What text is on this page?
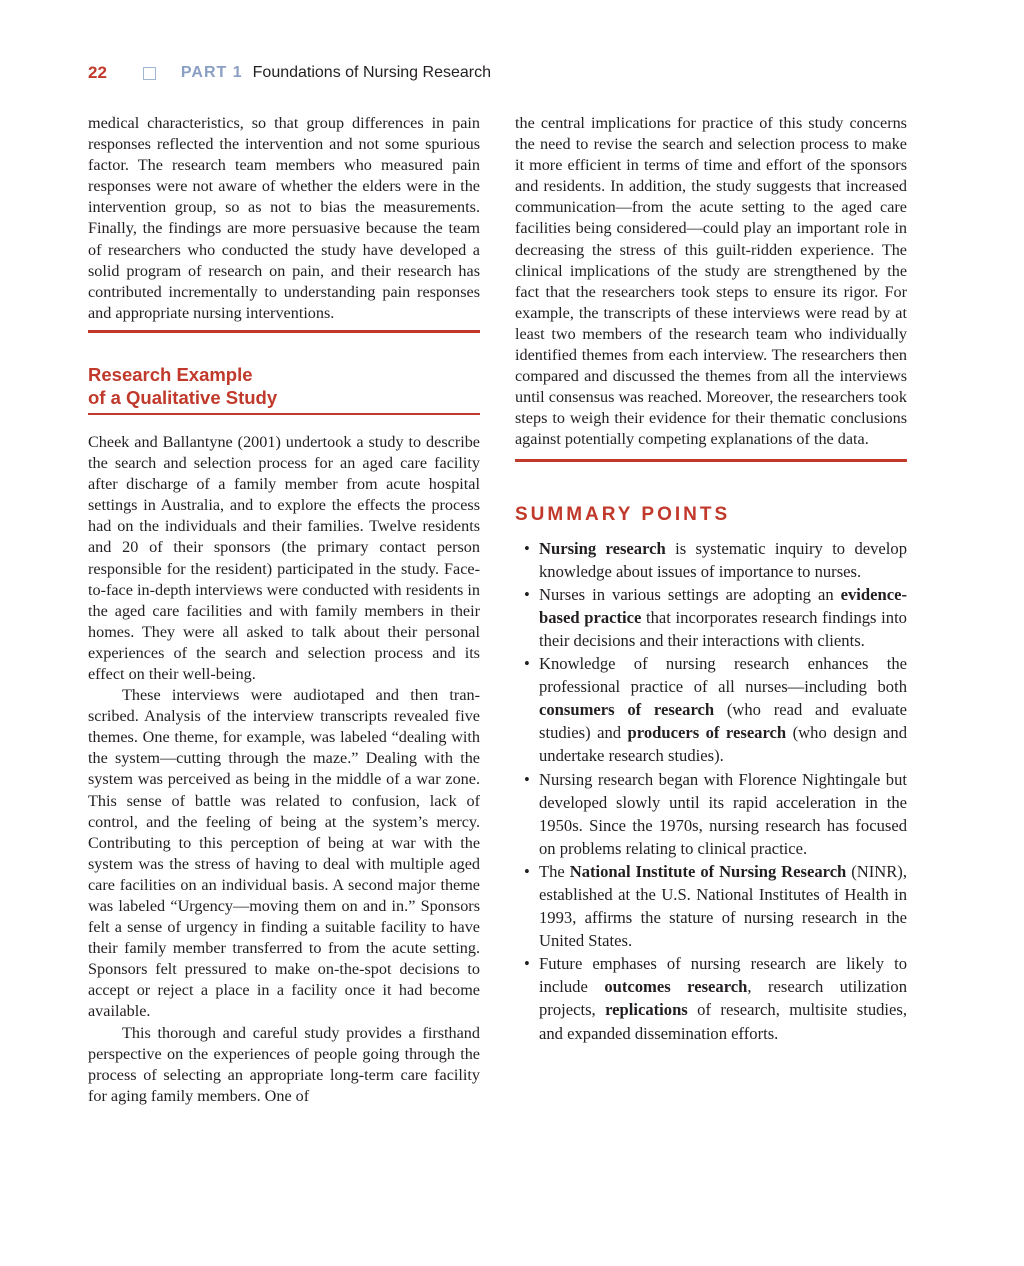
22	PART 1 Foundations of Nursing Research

medical characteristics, so that group differences in pain responses reflected the intervention and not some spurious factor. The research team members who measured pain responses were not aware of whether the elders were in the intervention group, so as not to bias the measurements. Finally, the findings are more persuasive because the team of researchers who conducted the study have developed a solid program of research on pain, and their research has contributed incrementally to understanding pain responses and appropriate nursing interventions.

Research Example
of a Qualitative Study

Cheek and Ballantyne (2001) undertook a study to describe the search and selection process for an aged care facility after discharge of a family member from acute hospital settings in Australia, and to explore the effects the process had on the individuals and their families. Twelve residents and 20 of their sponsors (the primary contact person responsible for the resident) participated in the study. Face-to-face in-depth interviews were conducted with residents in the aged care facilities and with family members in their homes. They were all asked to talk about their personal experiences of the search and selection process and its effect on their well-being.

These interviews were audiotaped and then transcribed. Analysis of the interview transcripts revealed five themes. One theme, for example, was labeled “dealing with the system—cutting through the maze.” Dealing with the system was perceived as being in the middle of a war zone. This sense of battle was related to confusion, lack of control, and the feeling of being at the system’s mercy. Contributing to this perception of being at war with the system was the stress of having to deal with multiple aged care facilities on an individual basis. A second major theme was labeled “Urgency—moving them on and in.” Sponsors felt a sense of urgency in finding a suitable facility to have their family member transferred to from the acute setting. Sponsors felt pressured to make on-the-spot decisions to accept or reject a place in a facility once it had become available.

This thorough and careful study provides a firsthand perspective on the experiences of people going through the process of selecting an appropriate long-term care facility for aging family members. One of

the central implications for practice of this study concerns the need to revise the search and selection process to make it more efficient in terms of time and effort of the sponsors and residents. In addition, the study suggests that increased communication—from the acute setting to the aged care facilities being considered—could play an important role in decreasing the stress of this guilt-ridden experience. The clinical implications of the study are strengthened by the fact that the researchers took steps to ensure its rigor. For example, the transcripts of these interviews were read by at least two members of the research team who individually identified themes from each interview. The researchers then compared and discussed the themes from all the interviews until consensus was reached. Moreover, the researchers took steps to weigh their evidence for their thematic conclusions against potentially competing explanations of the data.

SUMMARY POINTS
• Nursing research is systematic inquiry to develop knowledge about issues of importance to nurses.
• Nurses in various settings are adopting an evidence-based practice that incorporates research findings into their decisions and their interactions with clients.
• Knowledge of nursing research enhances the professional practice of all nurses—including both consumers of research (who read and evaluate studies) and producers of research (who design and undertake research studies).
• Nursing research began with Florence Nightingale but developed slowly until its rapid acceleration in the 1950s. Since the 1970s, nursing research has focused on problems relating to clinical practice.
• The National Institute of Nursing Research (NINR), established at the U.S. National Institutes of Health in 1993, affirms the stature of nursing research in the United States.
• Future emphases of nursing research are likely to include outcomes research, research utilization projects, replications of research, multisite studies, and expanded dissemination efforts.
